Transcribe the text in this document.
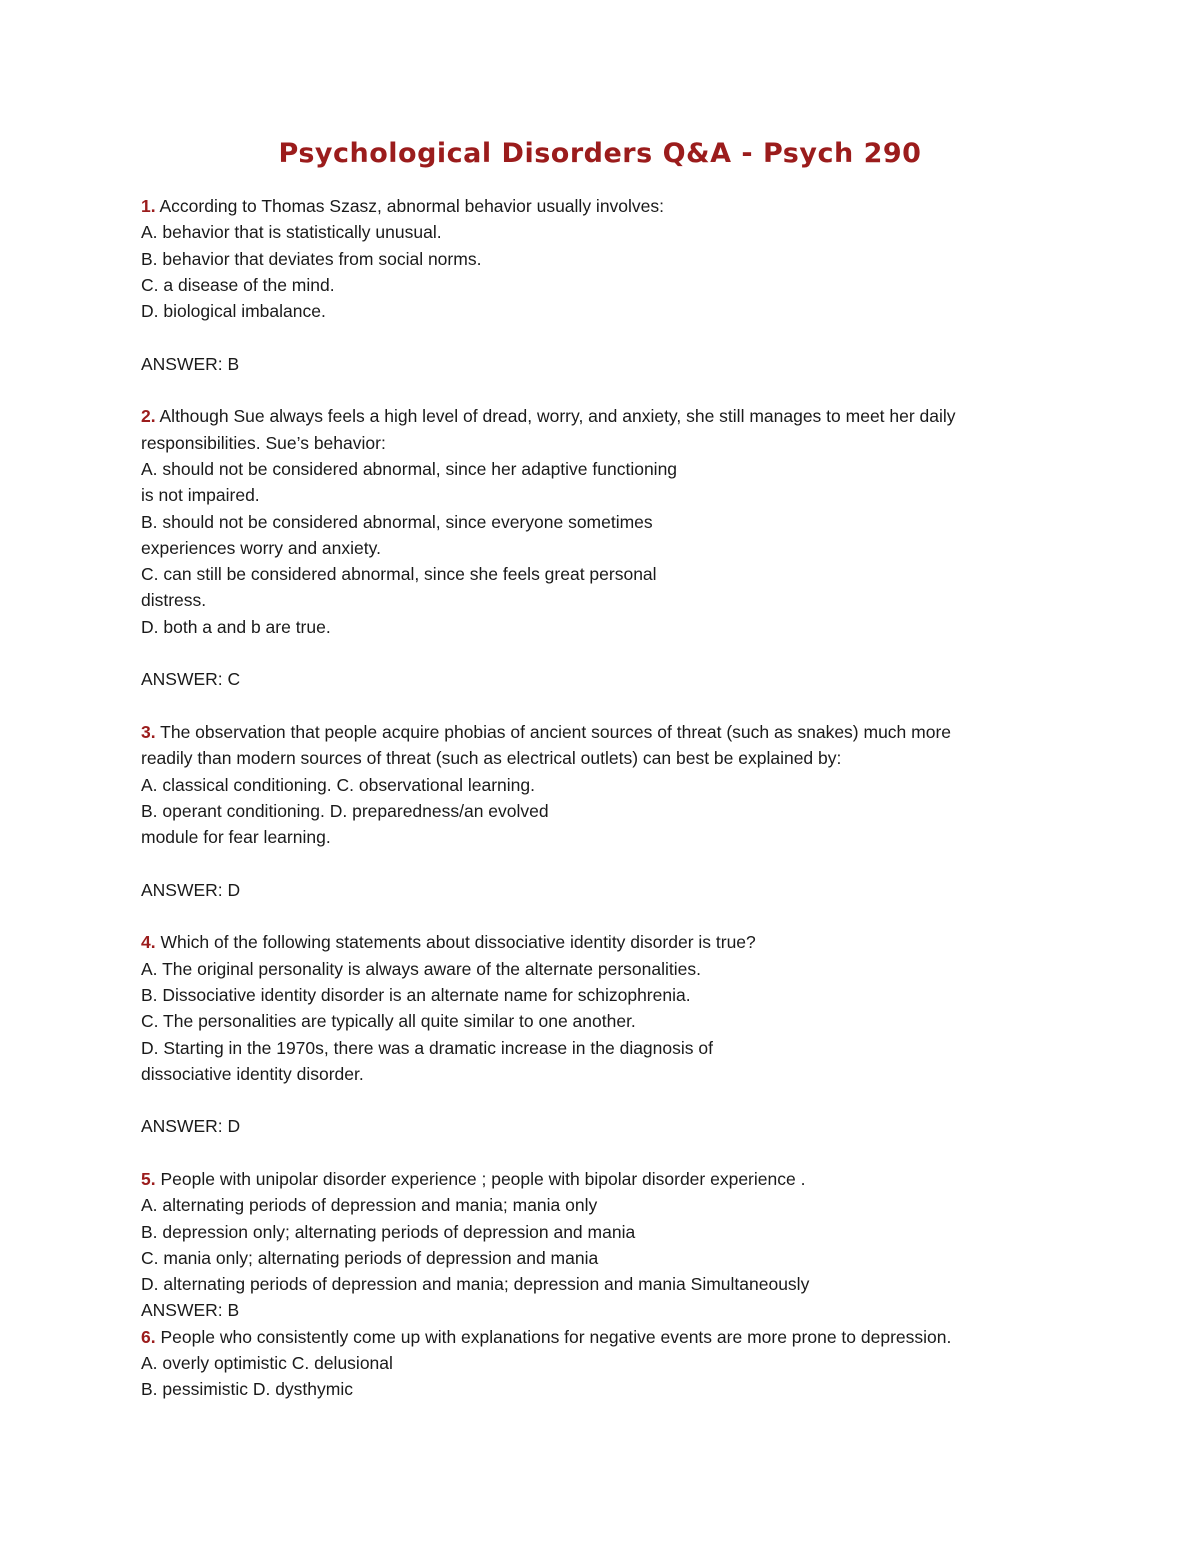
Psychological Disorders Q&A - Psych 290
1. According to Thomas Szasz, abnormal behavior usually involves:
A. behavior that is statistically unusual.
B. behavior that deviates from social norms.
C. a disease of the mind.
D. biological imbalance.
ANSWER: B
2. Although Sue always feels a high level of dread, worry, and anxiety, she still manages to meet her daily
responsibilities. Sue’s behavior:
A. should not be considered abnormal, since her adaptive functioning
is not impaired.
B. should not be considered abnormal, since everyone sometimes
experiences worry and anxiety.
C. can still be considered abnormal, since she feels great personal
distress.
D. both a and b are true.
ANSWER: C
3. The observation that people acquire phobias of ancient sources of threat (such as snakes) much more
readily than modern sources of threat (such as electrical outlets) can best be explained by:
A. classical conditioning. C. observational learning.
B. operant conditioning. D. preparedness/an evolved
module for fear learning.
ANSWER: D
4. Which of the following statements about dissociative identity disorder is true?
A. The original personality is always aware of the alternate personalities.
B. Dissociative identity disorder is an alternate name for schizophrenia.
C. The personalities are typically all quite similar to one another.
D. Starting in the 1970s, there was a dramatic increase in the diagnosis of
dissociative identity disorder.
ANSWER: D
5. People with unipolar disorder experience ; people with bipolar disorder experience .
A. alternating periods of depression and mania; mania only
B. depression only; alternating periods of depression and mania
C. mania only; alternating periods of depression and mania
D. alternating periods of depression and mania; depression and mania Simultaneously
ANSWER: B
6. People who consistently come up with explanations for negative events are more prone to depression.
A. overly optimistic C. delusional
B. pessimistic D. dysthymic
